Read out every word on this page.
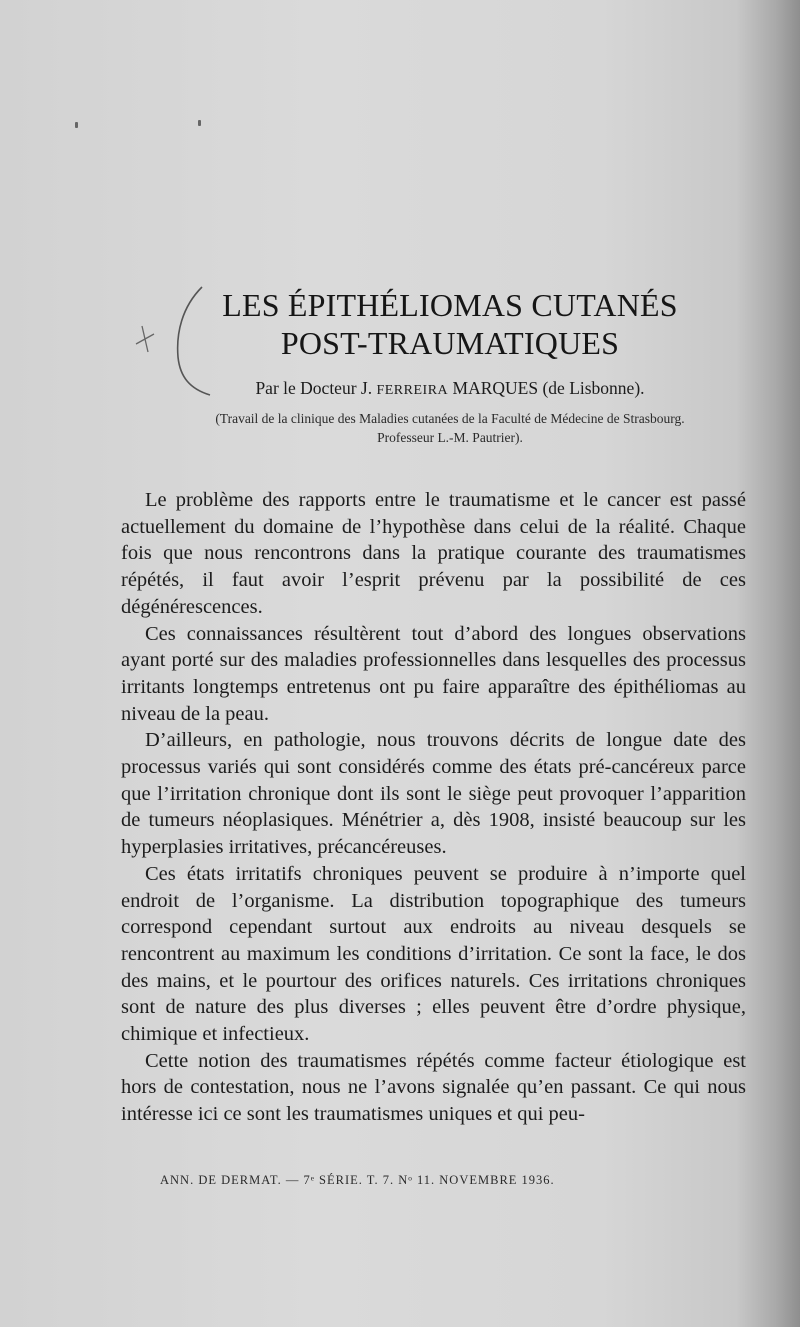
LES ÉPITHÉLIOMAS CUTANÉS
POST-TRAUMATIQUES

Par le Docteur J. FERREIRA MARQUES (de Lisbonne).

(Travail de la clinique des Maladies cutanées de la Faculté de Médecine de Strasbourg.

Professeur L.-M. Pautrier).

Le problème des rapports entre le traumatisme et le cancer est passé actuellement du domaine de l’hypothèse dans celui de la réalité. Chaque fois que nous rencontrons dans la pratique courante des traumatismes répétés, il faut avoir l’esprit prévenu par la possibilité de ces dégénérescences.

Ces connaissances résultèrent tout d’abord des longues observations ayant porté sur des maladies professionnelles dans lesquelles des processus irritants longtemps entretenus ont pu faire apparaître des épithéliomas au niveau de la peau.

D’ailleurs, en pathologie, nous trouvons décrits de longue date des processus variés qui sont considérés comme des états pré-cancéreux parce que l’irritation chronique dont ils sont le siège peut provoquer l’apparition de tumeurs néoplasiques. Ménétrier a, dès 1908, insisté beaucoup sur les hyperplasies irritatives, précancéreuses.

Ces états irritatifs chroniques peuvent se produire à n’importe quel endroit de l’organisme. La distribution topographique des tumeurs correspond cependant surtout aux endroits au niveau desquels se rencontrent au maximum les conditions d’irritation. Ce sont la face, le dos des mains, et le pourtour des orifices naturels. Ces irritations chroniques sont de nature des plus diverses ; elles peuvent être d’ordre physique, chimique et infectieux.

Cette notion des traumatismes répétés comme facteur étiologique est hors de contestation, nous ne l’avons signalée qu’en passant. Ce qui nous intéresse ici ce sont les traumatismes uniques et qui peu-

ANN. DE DERMAT. — 7ᵉ SÉRIE. T. 7. Nᵒ 11. NOVEMBRE 1936.
